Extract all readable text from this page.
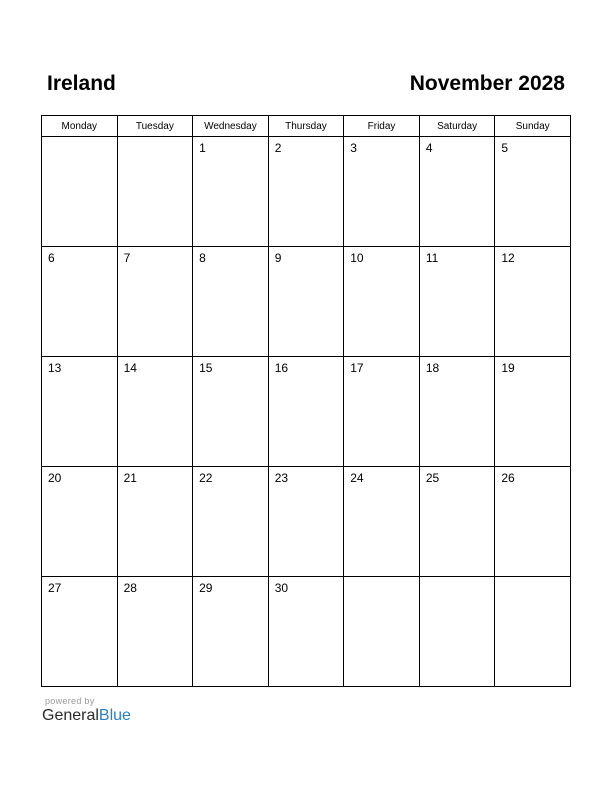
Ireland	November 2028
Monday	Tuesday	Wednesday	Thursday	Friday	Saturday	Sunday

		1	2	3	4	5

6	7	8	9	10	11	12

13	14	15	16	17	18	19

20	21	22	23	24	25	26

27	28	29	30			

powered by
GeneralBlue
